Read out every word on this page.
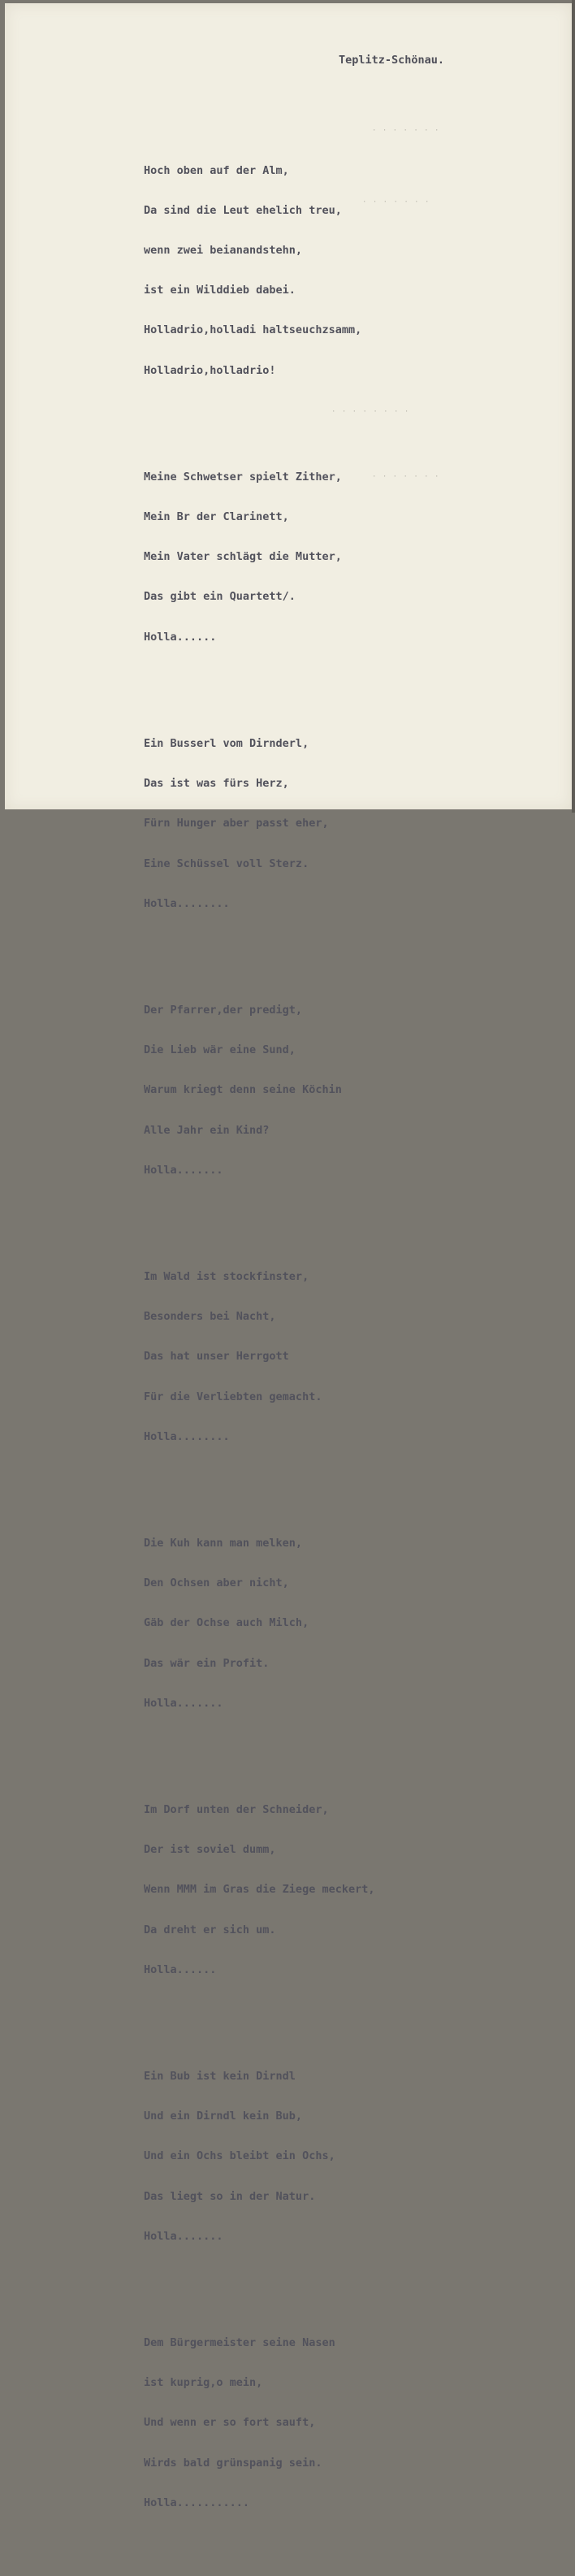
Teplitz-Schönau.

Hoch oben auf der Alm,

Da sind die Leut ehelich treu,

wenn zwei beianandstehn,

ist ein Wilddieb dabei.

Holladrio,holladi haltseuchzsamm,

Holladrio,holladrio!

Meine Schwetser spielt Zither,

Mein Br der Clarinett,

Mein Vater schlägt die Mutter,

Das gibt ein Quartett/.

Holla......

Ein Busserl vom Dirnderl,

Das ist was fürs Herz,

Fürn Hunger aber passt eher,

Eine Schüssel voll Sterz.

Holla........

Der Pfarrer,der predigt,

Die Lieb wär eine Sund,

Warum kriegt denn seine Köchin

Alle Jahr ein Kind?

Holla.......

Im Wald ist stockfinster,

Besonders bei Nacht,

Das hat unser Herrgott

Für die Verliebten gemacht.

Holla........

Die Kuh kann man melken,

Den Ochsen aber nicht,

Gäb der Ochse auch Milch,

Das wär ein Profit.

Holla.......

Im Dorf unten der Schneider,

Der ist soviel dumm,

Wenn MMM im Gras die Ziege meckert,

Da dreht er sich um.

Holla......

Ein Bub ist kein Dirndl

Und ein Dirndl kein Bub,

Und ein Ochs bleibt ein Ochs,

Das liegt so in der Natur.

Holla.......

Dem Bürgermeister seine Nasen

ist kuprig,o mein,

Und wenn er so fort sauft,

Wirds bald grünspanig sein.

Holla...........

· · · · · · ·
· · · · · · ·
· · · · · · · ·
· · · · · · ·
